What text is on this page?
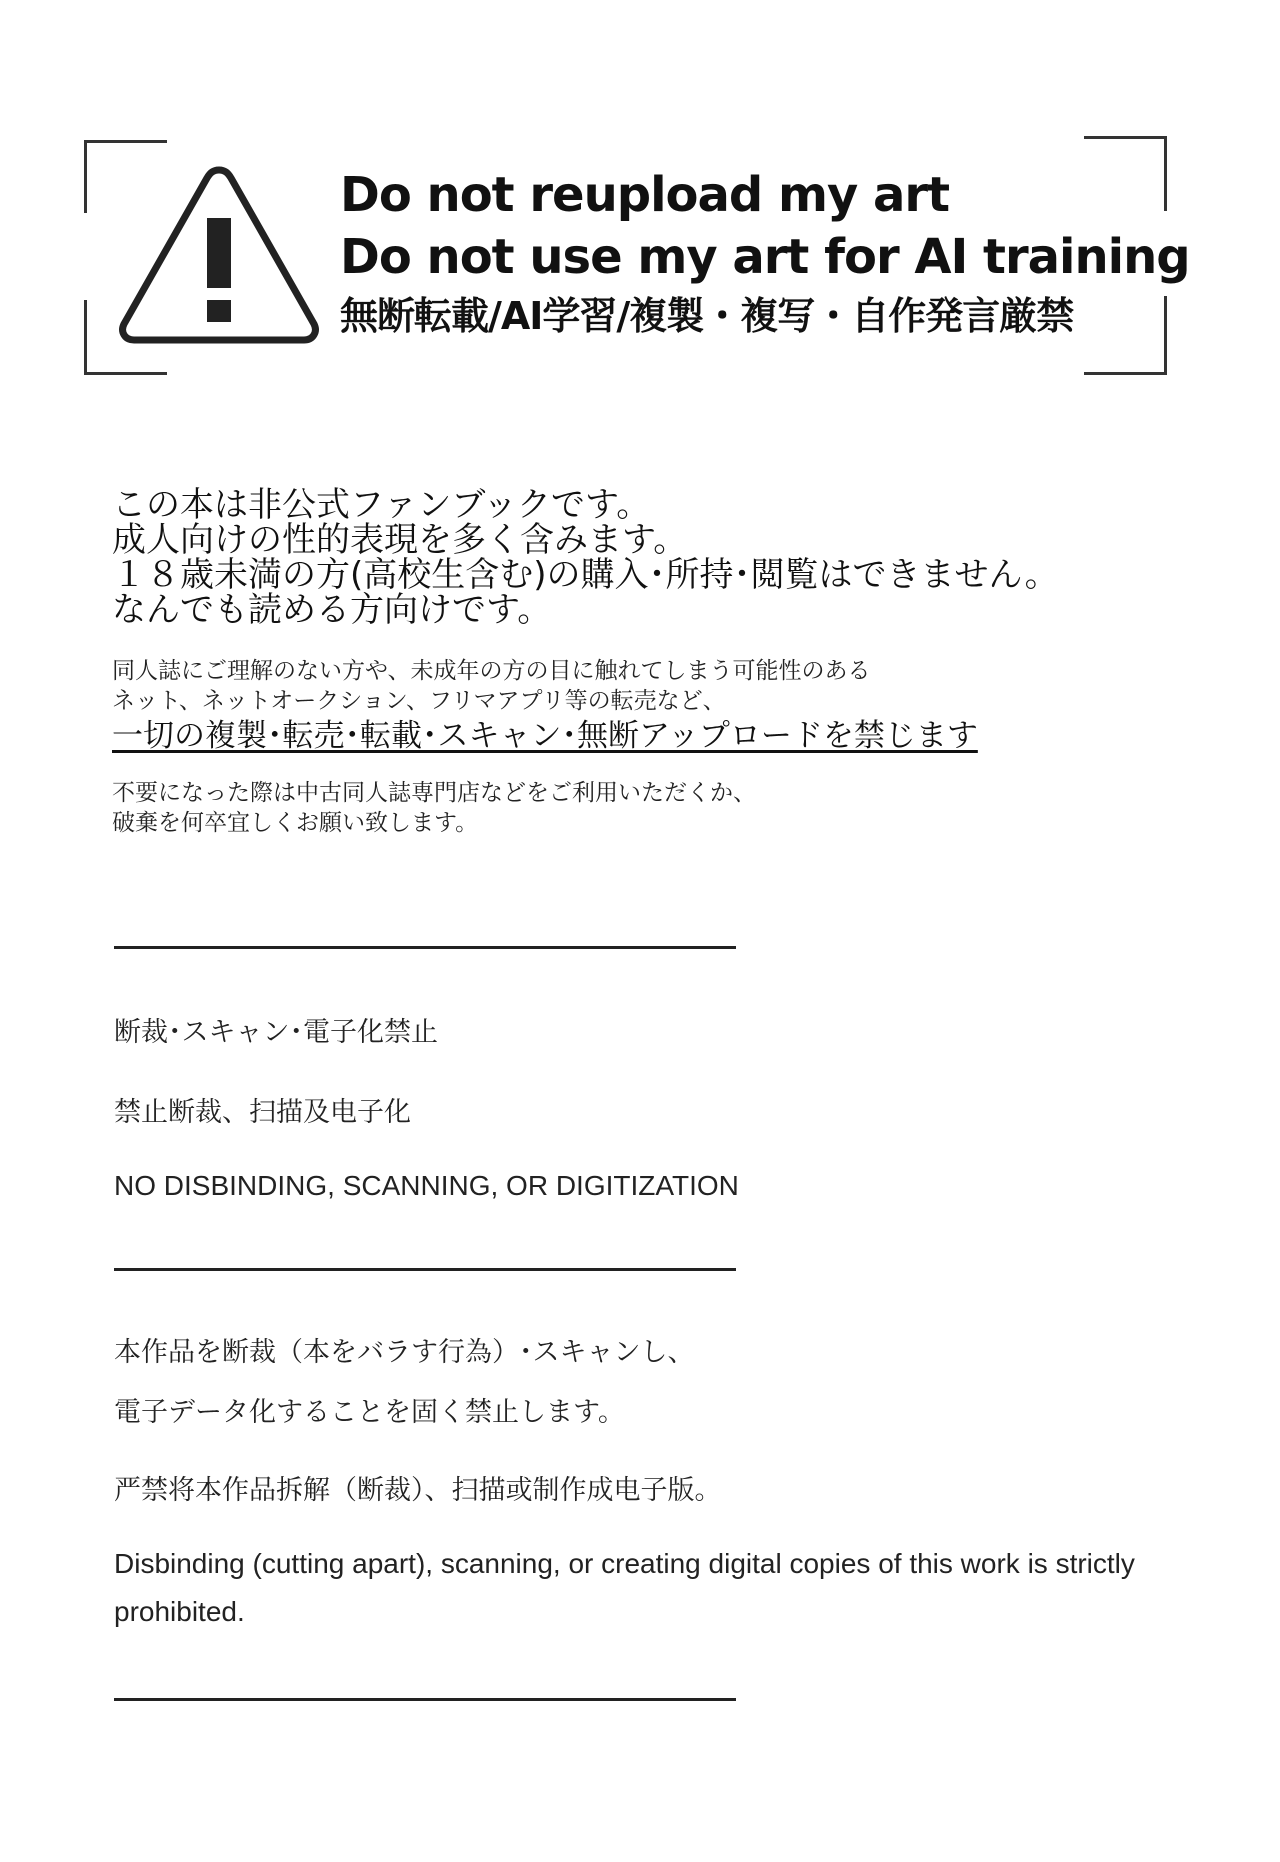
Do not reupload my art
Do not use my art for AI training
無断転載/AI学習/複製・複写・自作発言厳禁
この本は非公式ファンブックです。
成人向けの性的表現を多く含みます。
１８歳未満の方(高校生含む)の購入･所持･閲覧はできません。
なんでも読める方向けです。
同人誌にご理解のない方や、未成年の方の目に触れてしまう可能性のある
ネット、ネットオークション、フリマアプリ等の転売など、
一切の複製･転売･転載･スキャン･無断アップロードを禁じます
不要になった際は中古同人誌専門店などをご利用いただくか、
破棄を何卒宜しくお願い致します。
断裁･スキャン･電子化禁止
禁止断裁、扫描及电子化
NO DISBINDING, SCANNING, OR DIGITIZATION
本作品を断裁（本をバラす行為）･スキャンし、
電子データ化することを固く禁止します。
严禁将本作品拆解（断裁）、扫描或制作成电子版。
Disbinding (cutting apart), scanning, or creating digital copies of this work is strictly
prohibited.
